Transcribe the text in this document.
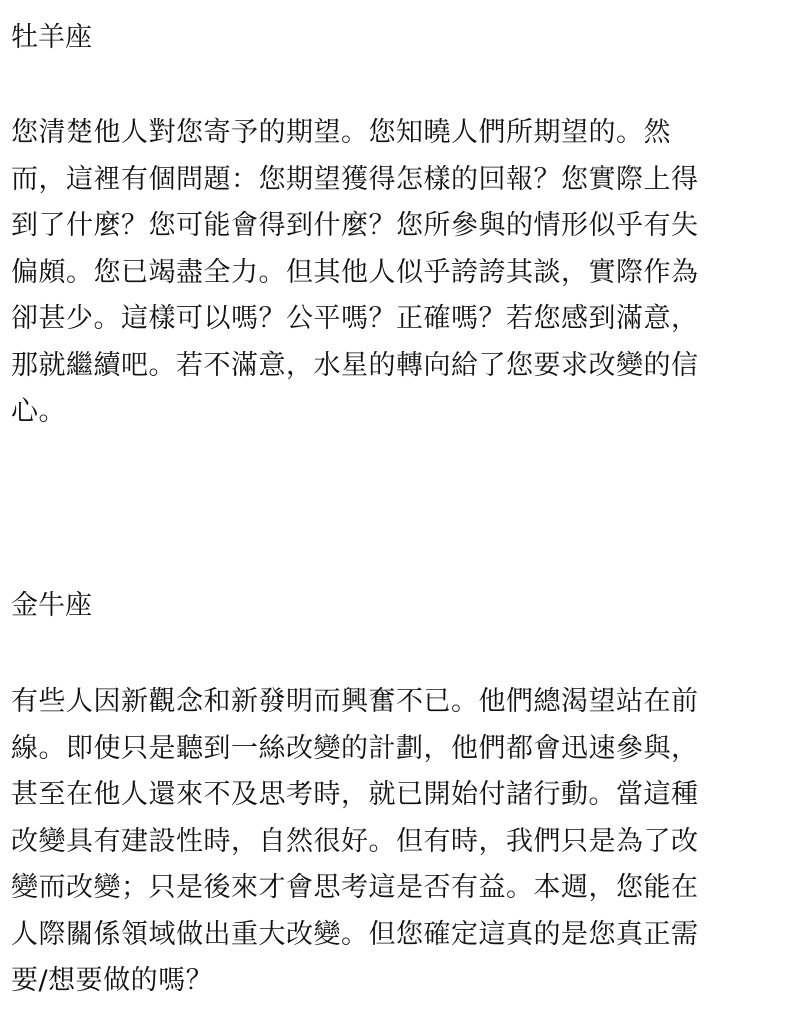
牡羊座
您清楚他人對您寄予的期望。您知曉人們所期望的。然
而，這裡有個問題：您期望獲得怎樣的回報？您實際上得
到了什麼？您可能會得到什麼？您所參與的情形似乎有失
偏頗。您已竭盡全力。但其他人似乎誇誇其談，實際作為
卻甚少。這樣可以嗎？公平嗎？正確嗎？若您感到滿意，
那就繼續吧。若不滿意，水星的轉向給了您要求改變的信
心。
金牛座
有些人因新觀念和新發明而興奮不已。他們總渴望站在前
線。即使只是聽到一絲改變的計劃，他們都會迅速參與，
甚至在他人還來不及思考時，就已開始付諸行動。當這種
改變具有建設性時，自然很好。但有時，我們只是為了改
變而改變；只是後來才會思考這是否有益。本週，您能在
人際關係領域做出重大改變。但您確定這真的是您真正需
要/想要做的嗎？
